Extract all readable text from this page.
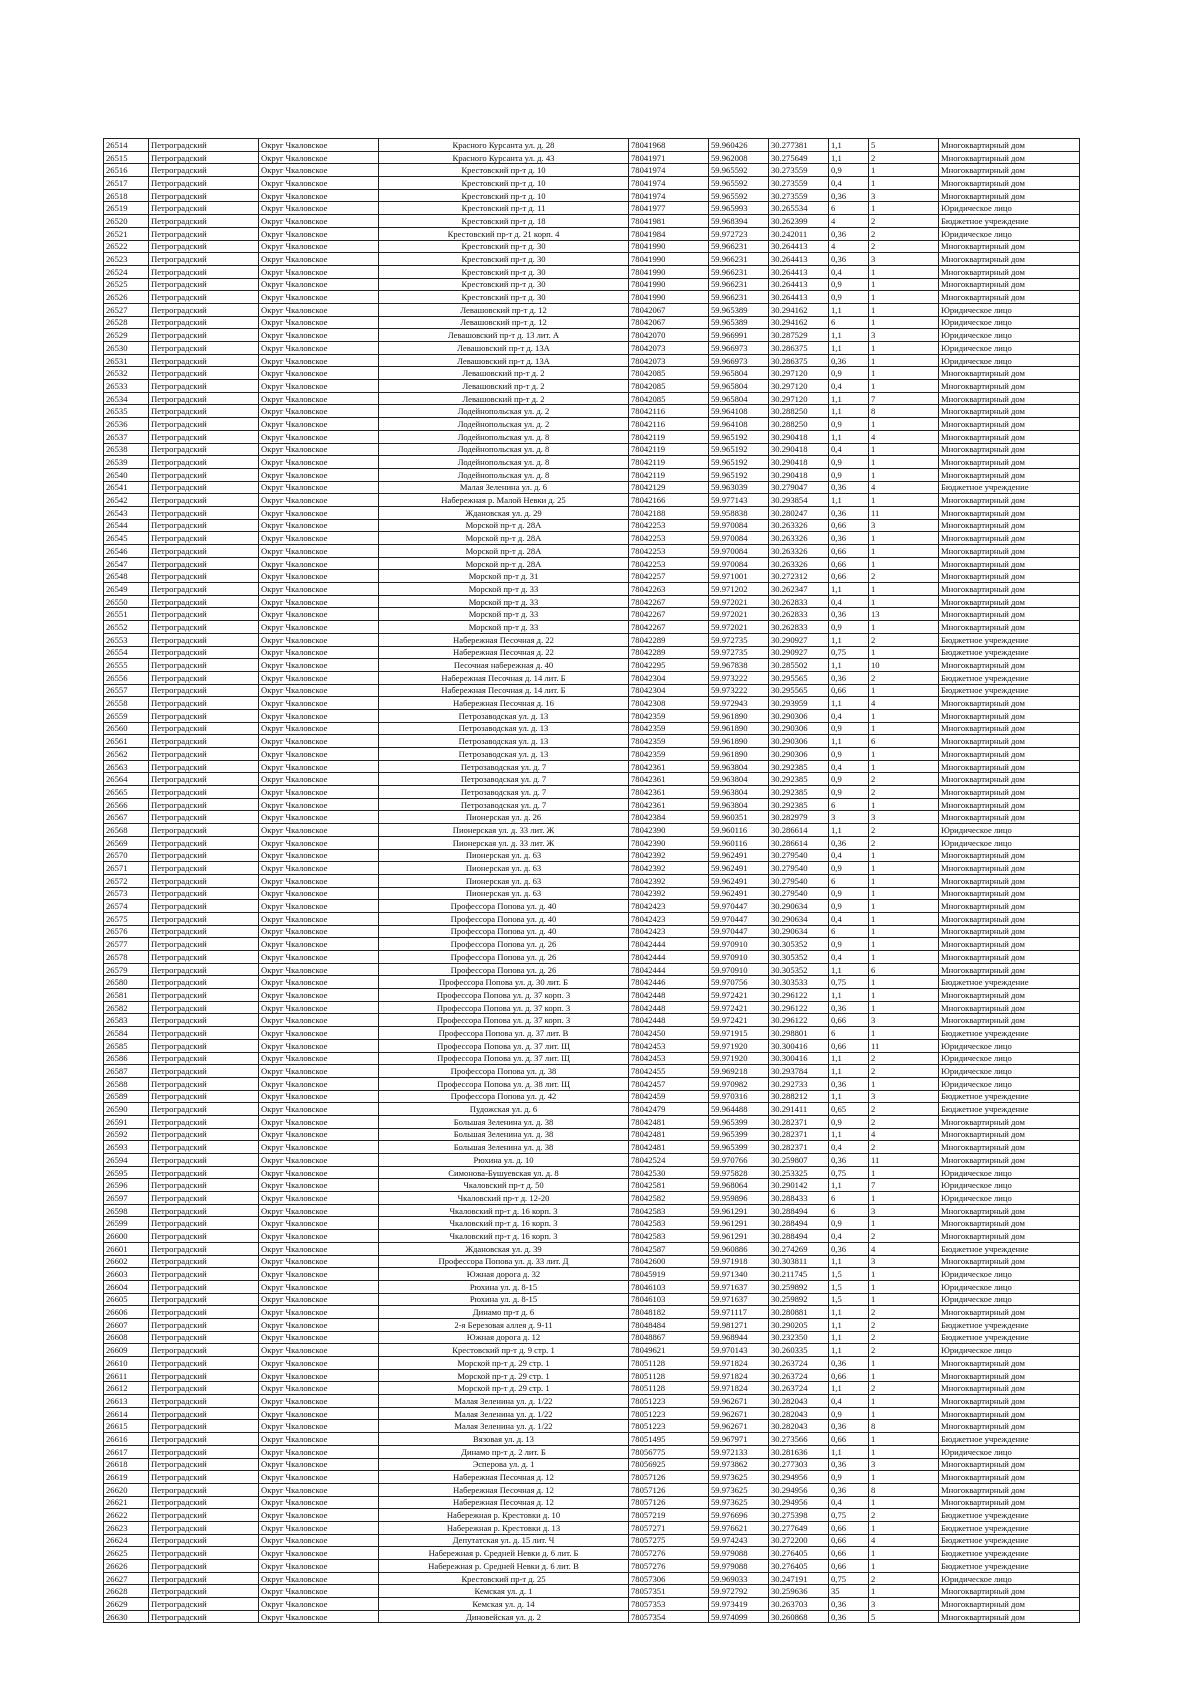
26514	Петроградский	Округ Чкаловское	Красного Курсанта ул. д. 28	78041968	59.960426	30.277381	1,1	5	Многоквартирный дом
26515	Петроградский	Округ Чкаловское	Красного Курсанта ул. д. 43	78041971	59.962008	30.275649	1,1	2	Многоквартирный дом
26516	Петроградский	Округ Чкаловское	Крестовский пр-т д. 10	78041974	59.965592	30.273559	0,9	1	Многоквартирный дом
26517	Петроградский	Округ Чкаловское	Крестовский пр-т д. 10	78041974	59.965592	30.273559	0,4	1	Многоквартирный дом
26518	Петроградский	Округ Чкаловское	Крестовский пр-т д. 10	78041974	59.965592	30.273559	0,36	3	Многоквартирный дом
26519	Петроградский	Округ Чкаловское	Крестовский пр-т д. 11	78041977	59.965993	30.265534	6	1	Юридическое лицо
26520	Петроградский	Округ Чкаловское	Крестовский пр-т д. 18	78041981	59.968394	30.262399	4	2	Бюджетное учреждение
26521	Петроградский	Округ Чкаловское	Крестовский пр-т д. 21 корп. 4	78041984	59.972723	30.242011	0,36	2	Юридическое лицо
26522	Петроградский	Округ Чкаловское	Крестовский пр-т д. 30	78041990	59.966231	30.264413	4	2	Многоквартирный дом
26523	Петроградский	Округ Чкаловское	Крестовский пр-т д. 30	78041990	59.966231	30.264413	0,36	3	Многоквартирный дом
26524	Петроградский	Округ Чкаловское	Крестовский пр-т д. 30	78041990	59.966231	30.264413	0,4	1	Многоквартирный дом
26525	Петроградский	Округ Чкаловское	Крестовский пр-т д. 30	78041990	59.966231	30.264413	0,9	1	Многоквартирный дом
26526	Петроградский	Округ Чкаловское	Крестовский пр-т д. 30	78041990	59.966231	30.264413	0,9	1	Многоквартирный дом
26527	Петроградский	Округ Чкаловское	Левашовский пр-т д. 12	78042067	59.965389	30.294162	1,1	1	Юридическое лицо
26528	Петроградский	Округ Чкаловское	Левашовский пр-т д. 12	78042067	59.965389	30.294162	6	1	Юридическое лицо
26529	Петроградский	Округ Чкаловское	Левашовский пр-т д. 13 лит. А	78042070	59.966991	30.287529	1,1	3	Юридическое лицо
26530	Петроградский	Округ Чкаловское	Левашовский пр-т д. 13А	78042073	59.966973	30.286375	1,1	1	Юридическое лицо
26531	Петроградский	Округ Чкаловское	Левашовский пр-т д. 13А	78042073	59.966973	30.286375	0,36	1	Юридическое лицо
26532	Петроградский	Округ Чкаловское	Левашовский пр-т д. 2	78042085	59.965804	30.297120	0,9	1	Многоквартирный дом
26533	Петроградский	Округ Чкаловское	Левашовский пр-т д. 2	78042085	59.965804	30.297120	0,4	1	Многоквартирный дом
26534	Петроградский	Округ Чкаловское	Левашовский пр-т д. 2	78042085	59.965804	30.297120	1,1	7	Многоквартирный дом
26535	Петроградский	Округ Чкаловское	Лодейнопольская ул. д. 2	78042116	59.964108	30.288250	1,1	8	Многоквартирный дом
26536	Петроградский	Округ Чкаловское	Лодейнопольская ул. д. 2	78042116	59.964108	30.288250	0,9	1	Многоквартирный дом
26537	Петроградский	Округ Чкаловское	Лодейнопольская ул. д. 8	78042119	59.965192	30.290418	1,1	4	Многоквартирный дом
26538	Петроградский	Округ Чкаловское	Лодейнопольская ул. д. 8	78042119	59.965192	30.290418	0,4	1	Многоквартирный дом
26539	Петроградский	Округ Чкаловское	Лодейнопольская ул. д. 8	78042119	59.965192	30.290418	0,9	1	Многоквартирный дом
26540	Петроградский	Округ Чкаловское	Лодейнопольская ул. д. 8	78042119	59.965192	30.290418	0,9	1	Многоквартирный дом
26541	Петроградский	Округ Чкаловское	Малая Зеленина ул. д. 6	78042129	59.963039	30.279047	0,36	4	Бюджетное учреждение
26542	Петроградский	Округ Чкаловское	Набережная р. Малой Невки д. 25	78042166	59.977143	30.293854	1,1	1	Многоквартирный дом
26543	Петроградский	Округ Чкаловское	Ждановская ул. д. 29	78042188	59.958838	30.280247	0,36	11	Многоквартирный дом
26544	Петроградский	Округ Чкаловское	Морской пр-т д. 28А	78042253	59.970084	30.263326	0,66	3	Многоквартирный дом
26545	Петроградский	Округ Чкаловское	Морской пр-т д. 28А	78042253	59.970084	30.263326	0,36	1	Многоквартирный дом
26546	Петроградский	Округ Чкаловское	Морской пр-т д. 28А	78042253	59.970084	30.263326	0,66	1	Многоквартирный дом
26547	Петроградский	Округ Чкаловское	Морской пр-т д. 28А	78042253	59.970084	30.263326	0,66	1	Многоквартирный дом
26548	Петроградский	Округ Чкаловское	Морской пр-т д. 31	78042257	59.971001	30.272312	0,66	2	Многоквартирный дом
26549	Петроградский	Округ Чкаловское	Морской пр-т д. 33	78042263	59.971202	30.262347	1,1	1	Многоквартирный дом
26550	Петроградский	Округ Чкаловское	Морской пр-т д. 33	78042267	59.972021	30.262833	0,4	1	Многоквартирный дом
26551	Петроградский	Округ Чкаловское	Морской пр-т д. 33	78042267	59.972021	30.262833	0,36	13	Многоквартирный дом
26552	Петроградский	Округ Чкаловское	Морской пр-т д. 33	78042267	59.972021	30.262833	0,9	1	Многоквартирный дом
26553	Петроградский	Округ Чкаловское	Набережная Песочная д. 22	78042289	59.972735	30.290927	1,1	2	Бюджетное учреждение
26554	Петроградский	Округ Чкаловское	Набережная Песочная д. 22	78042289	59.972735	30.290927	0,75	1	Бюджетное учреждение
26555	Петроградский	Округ Чкаловское	Песочная набережная д. 40	78042295	59.967838	30.285502	1,1	10	Многоквартирный дом
26556	Петроградский	Округ Чкаловское	Набережная Песочная д. 14 лит. Б	78042304	59.973222	30.295565	0,36	2	Бюджетное учреждение
26557	Петроградский	Округ Чкаловское	Набережная Песочная д. 14 лит. Б	78042304	59.973222	30.295565	0,66	1	Бюджетное учреждение
26558	Петроградский	Округ Чкаловское	Набережная Песочная д. 16	78042308	59.972943	30.293959	1,1	4	Многоквартирный дом
26559	Петроградский	Округ Чкаловское	Петрозаводская ул. д. 13	78042359	59.961890	30.290306	0,4	1	Многоквартирный дом
26560	Петроградский	Округ Чкаловское	Петрозаводская ул. д. 13	78042359	59.961890	30.290306	0,9	1	Многоквартирный дом
26561	Петроградский	Округ Чкаловское	Петрозаводская ул. д. 13	78042359	59.961890	30.290306	1,1	6	Многоквартирный дом
26562	Петроградский	Округ Чкаловское	Петрозаводская ул. д. 13	78042359	59.961890	30.290306	0,9	1	Многоквартирный дом
26563	Петроградский	Округ Чкаловское	Петрозаводская ул. д. 7	78042361	59.963804	30.292385	0,4	1	Многоквартирный дом
26564	Петроградский	Округ Чкаловское	Петрозаводская ул. д. 7	78042361	59.963804	30.292385	0,9	2	Многоквартирный дом
26565	Петроградский	Округ Чкаловское	Петрозаводская ул. д. 7	78042361	59.963804	30.292385	0,9	2	Многоквартирный дом
26566	Петроградский	Округ Чкаловское	Петрозаводская ул. д. 7	78042361	59.963804	30.292385	6	1	Многоквартирный дом
26567	Петроградский	Округ Чкаловское	Пионерская ул. д. 26	78042384	59.960351	30.282979	3	3	Многоквартирный дом
26568	Петроградский	Округ Чкаловское	Пионерская ул. д. 33 лит. Ж	78042390	59.960116	30.286614	1,1	2	Юридическое лицо
26569	Петроградский	Округ Чкаловское	Пионерская ул. д. 33 лит. Ж	78042390	59.960116	30.286614	0,36	2	Юридическое лицо
26570	Петроградский	Округ Чкаловское	Пионерская ул. д. 63	78042392	59.962491	30.279540	0,4	1	Многоквартирный дом
26571	Петроградский	Округ Чкаловское	Пионерская ул. д. 63	78042392	59.962491	30.279540	0,9	1	Многоквартирный дом
26572	Петроградский	Округ Чкаловское	Пионерская ул. д. 63	78042392	59.962491	30.279540	6	1	Многоквартирный дом
26573	Петроградский	Округ Чкаловское	Пионерская ул. д. 63	78042392	59.962491	30.279540	0,9	1	Многоквартирный дом
26574	Петроградский	Округ Чкаловское	Профессора Попова ул. д. 40	78042423	59.970447	30.290634	0,9	1	Многоквартирный дом
26575	Петроградский	Округ Чкаловское	Профессора Попова ул. д. 40	78042423	59.970447	30.290634	0,4	1	Многоквартирный дом
26576	Петроградский	Округ Чкаловское	Профессора Попова ул. д. 40	78042423	59.970447	30.290634	6	1	Многоквартирный дом
26577	Петроградский	Округ Чкаловское	Профессора Попова ул. д. 26	78042444	59.970910	30.305352	0,9	1	Многоквартирный дом
26578	Петроградский	Округ Чкаловское	Профессора Попова ул. д. 26	78042444	59.970910	30.305352	0,4	1	Многоквартирный дом
26579	Петроградский	Округ Чкаловское	Профессора Попова ул. д. 26	78042444	59.970910	30.305352	1,1	6	Многоквартирный дом
26580	Петроградский	Округ Чкаловское	Профессора Попова ул. д. 30 лит. Б	78042446	59.970756	30.303533	0,75	1	Бюджетное учреждение
26581	Петроградский	Округ Чкаловское	Профессора Попова ул. д. 37 корп. 3	78042448	59.972421	30.296122	1,1	1	Многоквартирный дом
26582	Петроградский	Округ Чкаловское	Профессора Попова ул. д. 37 корп. 3	78042448	59.972421	30.296122	0,36	1	Многоквартирный дом
26583	Петроградский	Округ Чкаловское	Профессора Попова ул. д. 37 корп. 3	78042448	59.972421	30.296122	0,66	3	Многоквартирный дом
26584	Петроградский	Округ Чкаловское	Профессора Попова ул. д. 37 лит. В	78042450	59.971915	30.298801	6	1	Бюджетное учреждение
26585	Петроградский	Округ Чкаловское	Профессора Попова ул. д. 37 лит. Щ	78042453	59.971920	30.300416	0,66	11	Юридическое лицо
26586	Петроградский	Округ Чкаловское	Профессора Попова ул. д. 37 лит. Щ	78042453	59.971920	30.300416	1,1	2	Юридическое лицо
26587	Петроградский	Округ Чкаловское	Профессора Попова ул. д. 38	78042455	59.969218	30.293784	1,1	2	Юридическое лицо
26588	Петроградский	Округ Чкаловское	Профессора Попова ул. д. 38 лит. Щ	78042457	59.970982	30.292733	0,36	1	Юридическое лицо
26589	Петроградский	Округ Чкаловское	Профессора Попова ул. д. 42	78042459	59.970316	30.288212	1,1	3	Бюджетное учреждение
26590	Петроградский	Округ Чкаловское	Пудожская ул. д. 6	78042479	59.964488	30.291411	0,65	2	Бюджетное учреждение
26591	Петроградский	Округ Чкаловское	Большая Зеленина ул. д. 38	78042481	59.965399	30.282371	0,9	2	Многоквартирный дом
26592	Петроградский	Округ Чкаловское	Большая Зеленина ул. д. 38	78042481	59.965399	30.282371	1,1	4	Многоквартирный дом
26593	Петроградский	Округ Чкаловское	Большая Зеленина ул. д. 38	78042481	59.965399	30.282371	0,4	2	Многоквартирный дом
26594	Петроградский	Округ Чкаловское	Рюхина ул. д. 10	78042524	59.970766	30.259807	0,36	11	Многоквартирный дом
26595	Петроградский	Округ Чкаловское	Симонова-Бушуевская ул. д. 8	78042530	59.975828	30.253325	0,75	1	Юридическое лицо
26596	Петроградский	Округ Чкаловское	Чкаловский пр-т д. 50	78042581	59.968064	30.290142	1,1	7	Юридическое лицо
26597	Петроградский	Округ Чкаловское	Чкаловский пр-т д. 12-20	78042582	59.959896	30.288433	6	1	Юридическое лицо
26598	Петроградский	Округ Чкаловское	Чкаловский пр-т д. 16 корп. 3	78042583	59.961291	30.288494	6	3	Многоквартирный дом
26599	Петроградский	Округ Чкаловское	Чкаловский пр-т д. 16 корп. 3	78042583	59.961291	30.288494	0,9	1	Многоквартирный дом
26600	Петроградский	Округ Чкаловское	Чкаловский пр-т д. 16 корп. 3	78042583	59.961291	30.288494	0,4	2	Многоквартирный дом
26601	Петроградский	Округ Чкаловское	Ждановская ул. д. 39	78042587	59.960886	30.274269	0,36	4	Бюджетное учреждение
26602	Петроградский	Округ Чкаловское	Профессора Попова ул. д. 33 лит. Д	78042600	59.971918	30.303811	1,1	3	Многоквартирный дом
26603	Петроградский	Округ Чкаловское	Южная дорога д. 32	78045919	59.971340	30.211745	1,5	1	Юридическое лицо
26604	Петроградский	Округ Чкаловское	Рюхина ул. д. 8-15	78046103	59.971637	30.259892	1,5	1	Юридическое лицо
26605	Петроградский	Округ Чкаловское	Рюхина ул. д. 8-15	78046103	59.971637	30.259892	1,5	1	Юридическое лицо
26606	Петроградский	Округ Чкаловское	Динамо пр-т д. 6	78048182	59.971117	30.280881	1,1	2	Многоквартирный дом
26607	Петроградский	Округ Чкаловское	2-я Березовая аллея д. 9-11	78048484	59.981271	30.290205	1,1	2	Бюджетное учреждение
26608	Петроградский	Округ Чкаловское	Южная дорога д. 12	78048867	59.968944	30.232350	1,1	2	Бюджетное учреждение
26609	Петроградский	Округ Чкаловское	Крестовский пр-т д. 9 стр. 1	78049621	59.970143	30.260335	1,1	2	Юридическое лицо
26610	Петроградский	Округ Чкаловское	Морской пр-т д. 29 стр. 1	78051128	59.971824	30.263724	0,36	1	Многоквартирный дом
26611	Петроградский	Округ Чкаловское	Морской пр-т д. 29 стр. 1	78051128	59.971824	30.263724	0,66	1	Многоквартирный дом
26612	Петроградский	Округ Чкаловское	Морской пр-т д. 29 стр. 1	78051128	59.971824	30.263724	1,1	2	Многоквартирный дом
26613	Петроградский	Округ Чкаловское	Малая Зеленина ул. д. 1/22	78051223	59.962671	30.282043	0,4	1	Многоквартирный дом
26614	Петроградский	Округ Чкаловское	Малая Зеленина ул. д. 1/22	78051223	59.962671	30.282043	0,9	1	Многоквартирный дом
26615	Петроградский	Округ Чкаловское	Малая Зеленина ул. д. 1/22	78051223	59.962671	30.282043	0,36	8	Многоквартирный дом
26616	Петроградский	Округ Чкаловское	Вязовая ул. д. 13	78051495	59.967971	30.273566	0,66	1	Бюджетное учреждение
26617	Петроградский	Округ Чкаловское	Динамо пр-т д. 2 лит. Б	78056775	59.972133	30.281636	1,1	1	Юридическое лицо
26618	Петроградский	Округ Чкаловское	Эсперова ул. д. 1	78056925	59.973862	30.277303	0,36	3	Многоквартирный дом
26619	Петроградский	Округ Чкаловское	Набережная Песочная д. 12	78057126	59.973625	30.294956	0,9	1	Многоквартирный дом
26620	Петроградский	Округ Чкаловское	Набережная Песочная д. 12	78057126	59.973625	30.294956	0,36	8	Многоквартирный дом
26621	Петроградский	Округ Чкаловское	Набережная Песочная д. 12	78057126	59.973625	30.294956	0,4	1	Многоквартирный дом
26622	Петроградский	Округ Чкаловское	Набережная р. Крестовки д. 10	78057219	59.976696	30.275398	0,75	2	Бюджетное учреждение
26623	Петроградский	Округ Чкаловское	Набережная р. Крестовки д. 13	78057271	59.976621	30.277649	0,66	1	Бюджетное учреждение
26624	Петроградский	Округ Чкаловское	Депутатская ул. д. 15 лит. Ч	78057275	59.974243	30.272200	0,66	4	Бюджетное учреждение
26625	Петроградский	Округ Чкаловское	Набережная р. Средней Невки д. 6 лит. Б	78057276	59.979088	30.276405	0,66	1	Бюджетное учреждение
26626	Петроградский	Округ Чкаловское	Набережная р. Средней Невки д. 6 лит. В	78057276	59.979088	30.276405	0,66	1	Бюджетное учреждение
26627	Петроградский	Округ Чкаловское	Крестовский пр-т д. 25	78057306	59.969033	30.247191	0,75	2	Юридическое лицо
26628	Петроградский	Округ Чкаловское	Кемская ул. д. 1	78057351	59.972792	30.259636	35	1	Многоквартирный дом
26629	Петроградский	Округ Чкаловское	Кемская ул. д. 14	78057353	59.973419	30.263703	0,36	3	Многоквартирный дом
26630	Петроградский	Округ Чкаловское	Диновейская ул. д. 2	78057354	59.974099	30.260868	0,36	5	Многоквартирный дом
